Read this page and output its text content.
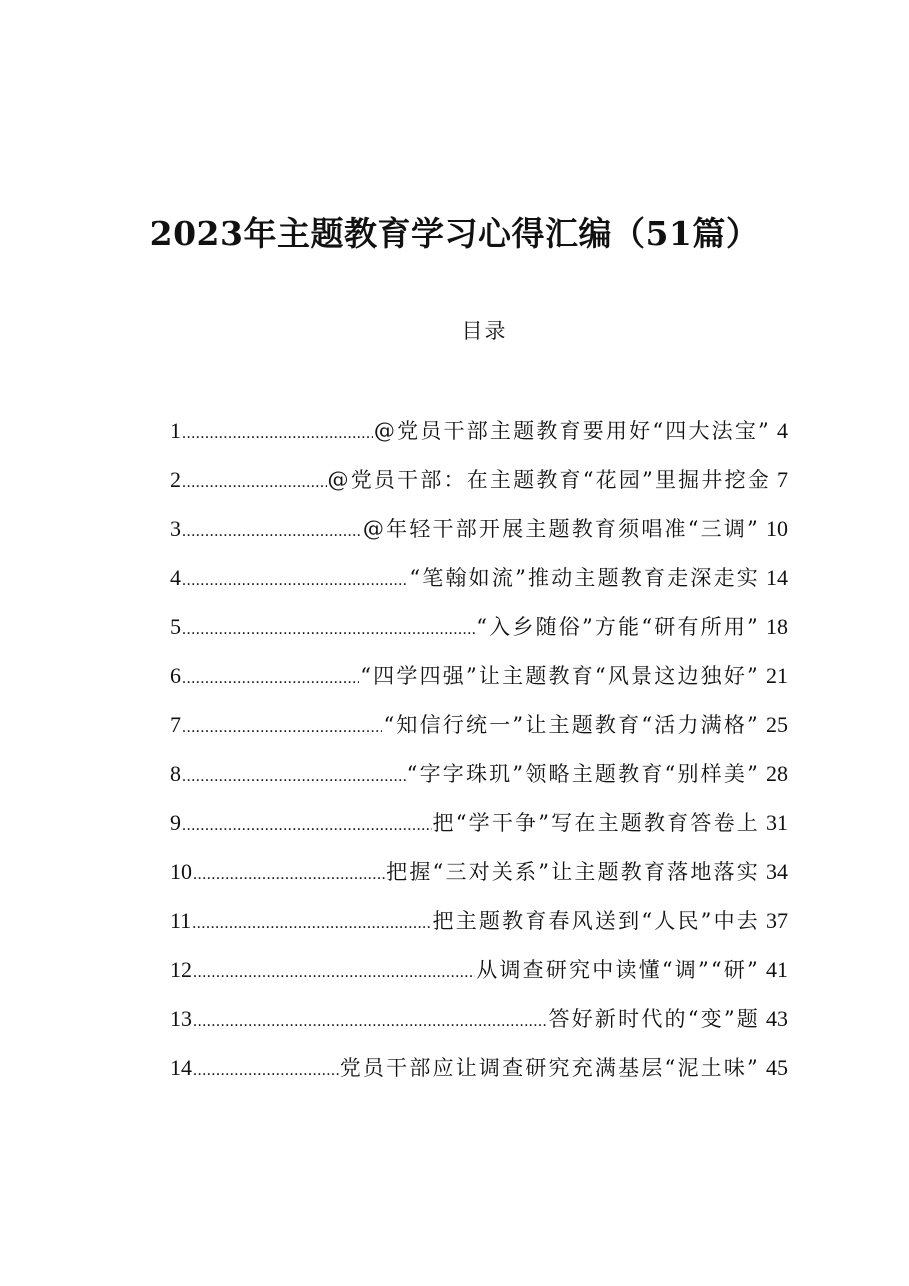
2023年主题教育学习心得汇编（51篇）
目录
1 .....	@党员干部主题教育要用好“四大法宝” 4
2 .....	@党员干部：在主题教育“花园”里掘井挖金 7
3 .....	@年轻干部开展主题教育须唱准“三调” 10
4 .....	“笔翰如流”推动主题教育走深走实 14
5 .....	“入乡随俗”方能“研有所用” 18
6 .....	“四学四强”让主题教育“风景这边独好” 21
7 .....	“知信行统一”让主题教育“活力满格” 25
8 .....	“字字珠玑”领略主题教育“别样美” 28
9 .....	把“学干争”写在主题教育答卷上 31
10 .....	把握“三对关系”让主题教育落地落实 34
11 .....	把主题教育春风送到“人民”中去 37
12 .....	从调查研究中读懂“调”“研” 41
13 .....	答好新时代的“变”题 43
14 .....	党员干部应让调查研究充满基层“泥土味” 45
